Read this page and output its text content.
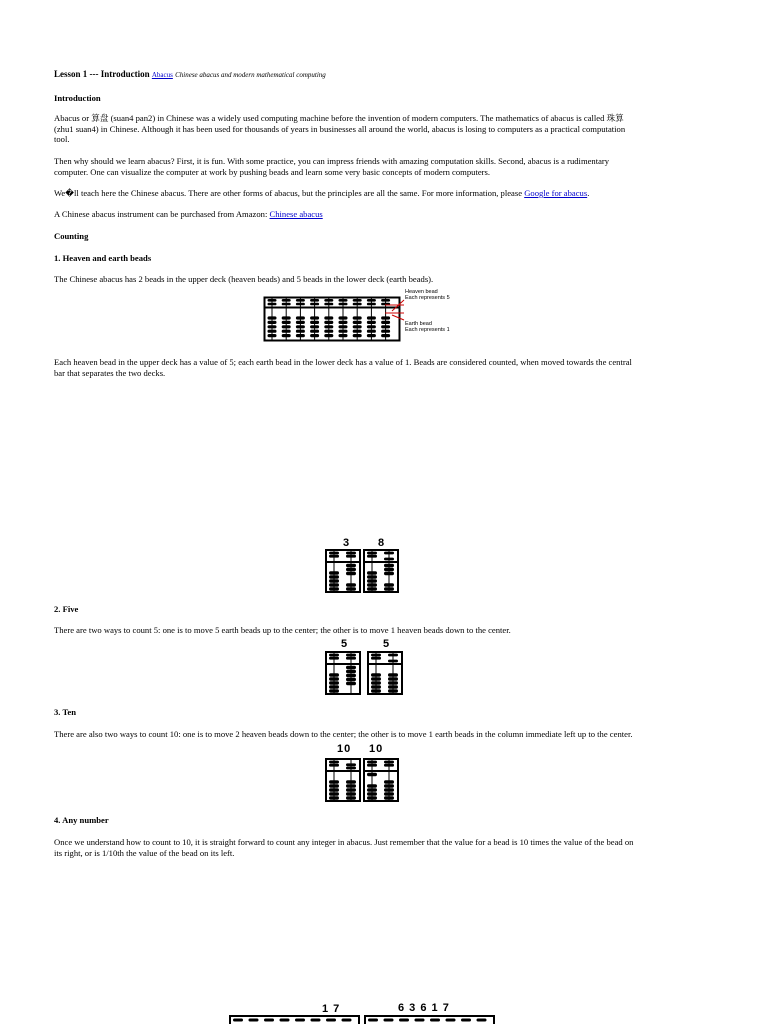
Lesson 1 --- Introduction Abacus Chinese abacus and modern mathematical computing
Introduction
Abacus or 算盘 (suan4 pan2) in Chinese was a widely used computing machine before the invention of modern computers. The mathematics of abacus is called 珠算
(zhu1 suan4) in Chinese. Although it has been used for thousands of years in businesses all around the world, abacus is losing to computers as a practical computation
tool.
Then why should we learn abacus? First, it is fun. With some practice, you can impress friends with amazing computation skills. Second, abacus is a rudimentary
computer. One can visualize the computer at work by pushing beads and learn some very basic concepts of modern computers.
We�ll teach here the Chinese abacus. There are other forms of abacus, but the principles are all the same. For more information, please Google for abacus.
A Chinese abacus instrument can be purchased from Amazon: Chinese abacus
Counting
1. Heaven and earth beads
The Chinese abacus has 2 beads in the upper deck (heaven beads) and 5 beads in the lower deck (earth beads).
Heaven bead
Each represents 5
Earth bead
Each represents 1
Each heaven bead in the upper deck has a value of 5; each earth bead in the lower deck has a value of 1. Beads are considered counted, when moved towards the central
bar that separates the two decks.
3	8
2. Five
There are two ways to count 5: one is to move 5 earth beads up to the center; the other is to move 1 heaven beads down to the center.
5	5
3. Ten
There are also two ways to count 10: one is to move 2 heaven beads down to the center; the other is to move 1 earth beads in the column immediate left up to the center.
10 10
4. Any number
Once we understand how to count to 10, it is straight forward to count any integer in abacus. Just remember that the value for a bead is 10 times the value of the bead on
its right, or is 1/10th the value of the bead on its left.
1 7	6 3 6 1 7
